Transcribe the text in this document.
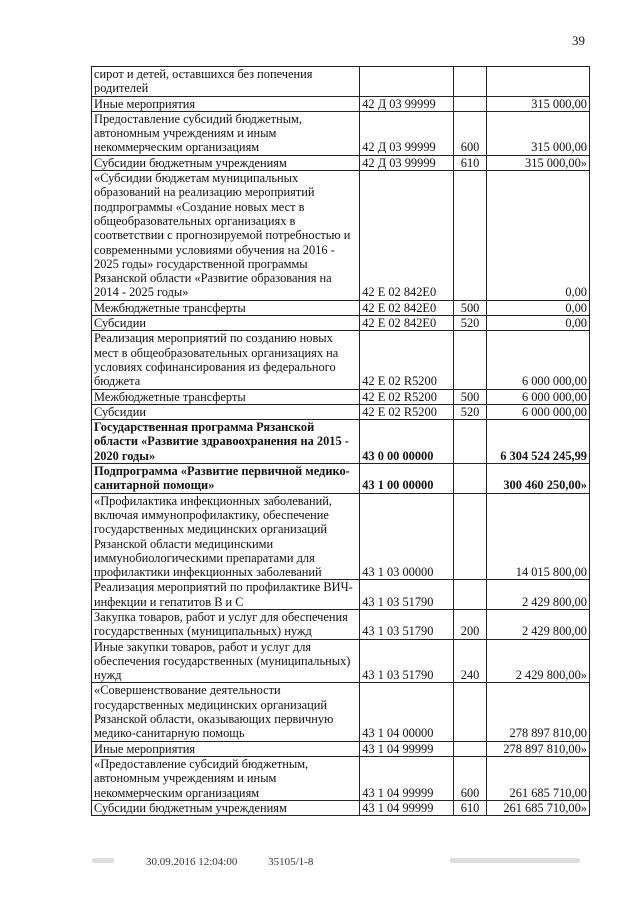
39
сирот и детей, оставшихся без попечения родителей			
Иные мероприятия	42 Д 03 99999		315 000,00
Предоставление субсидий бюджетным, автономным учреждениям и иным некоммерческим организациям	42 Д 03 99999	600	315 000,00
Субсидии бюджетным учреждениям	42 Д 03 99999	610	315 000,00»
«Субсидии бюджетам муниципальных образований на реализацию мероприятий подпрограммы «Создание новых мест в общеобразовательных организациях в соответствии с прогнозируемой потребностью и современными условиями обучения на 2016 - 2025 годы» государственной программы Рязанской области «Развитие образования на 2014 - 2025 годы»	42 Е 02 842Е0		0,00
Межбюджетные трансферты	42 Е 02 842Е0	500	0,00
Субсидии	42 Е 02 842Е0	520	0,00
Реализация мероприятий по созданию новых мест в общеобразовательных организациях на условиях софинансирования из федерального бюджета	42 Е 02 R5200		6 000 000,00
Межбюджетные трансферты	42 Е 02 R5200	500	6 000 000,00
Субсидии	42 Е 02 R5200	520	6 000 000,00
Государственная программа Рязанской области «Развитие здравоохранения на 2015 - 2020 годы»	43 0 00 00000		6 304 524 245,99
Подпрограмма «Развитие первичной медико-санитарной помощи»	43 1 00 00000		300 460 250,00»
«Профилактика инфекционных заболеваний, включая иммунопрофилактику, обеспечение государственных медицинских организаций Рязанской области медицинскими иммунобиологическими препаратами для профилактики инфекционных заболеваний	43 1 03 00000		14 015 800,00
Реализация мероприятий по профилактике ВИЧ-инфекции и гепатитов В и С	43 1 03 51790		2 429 800,00
Закупка товаров, работ и услуг для обеспечения государственных (муниципальных) нужд	43 1 03 51790	200	2 429 800,00
Иные закупки товаров, работ и услуг для обеспечения государственных (муниципальных) нужд	43 1 03 51790	240	2 429 800,00»
«Совершенствование деятельности государственных медицинских организаций Рязанской области, оказывающих первичную медико-санитарную помощь	43 1 04 00000		278 897 810,00
Иные мероприятия	43 1 04 99999		278 897 810,00»
«Предоставление субсидий бюджетным, автономным учреждениям и иным некоммерческим организациям	43 1 04 99999	600	261 685 710,00
Субсидии бюджетным учреждениям	43 1 04 99999	610	261 685 710,00»
30.09.2016 12:04:00	35105/1-8
